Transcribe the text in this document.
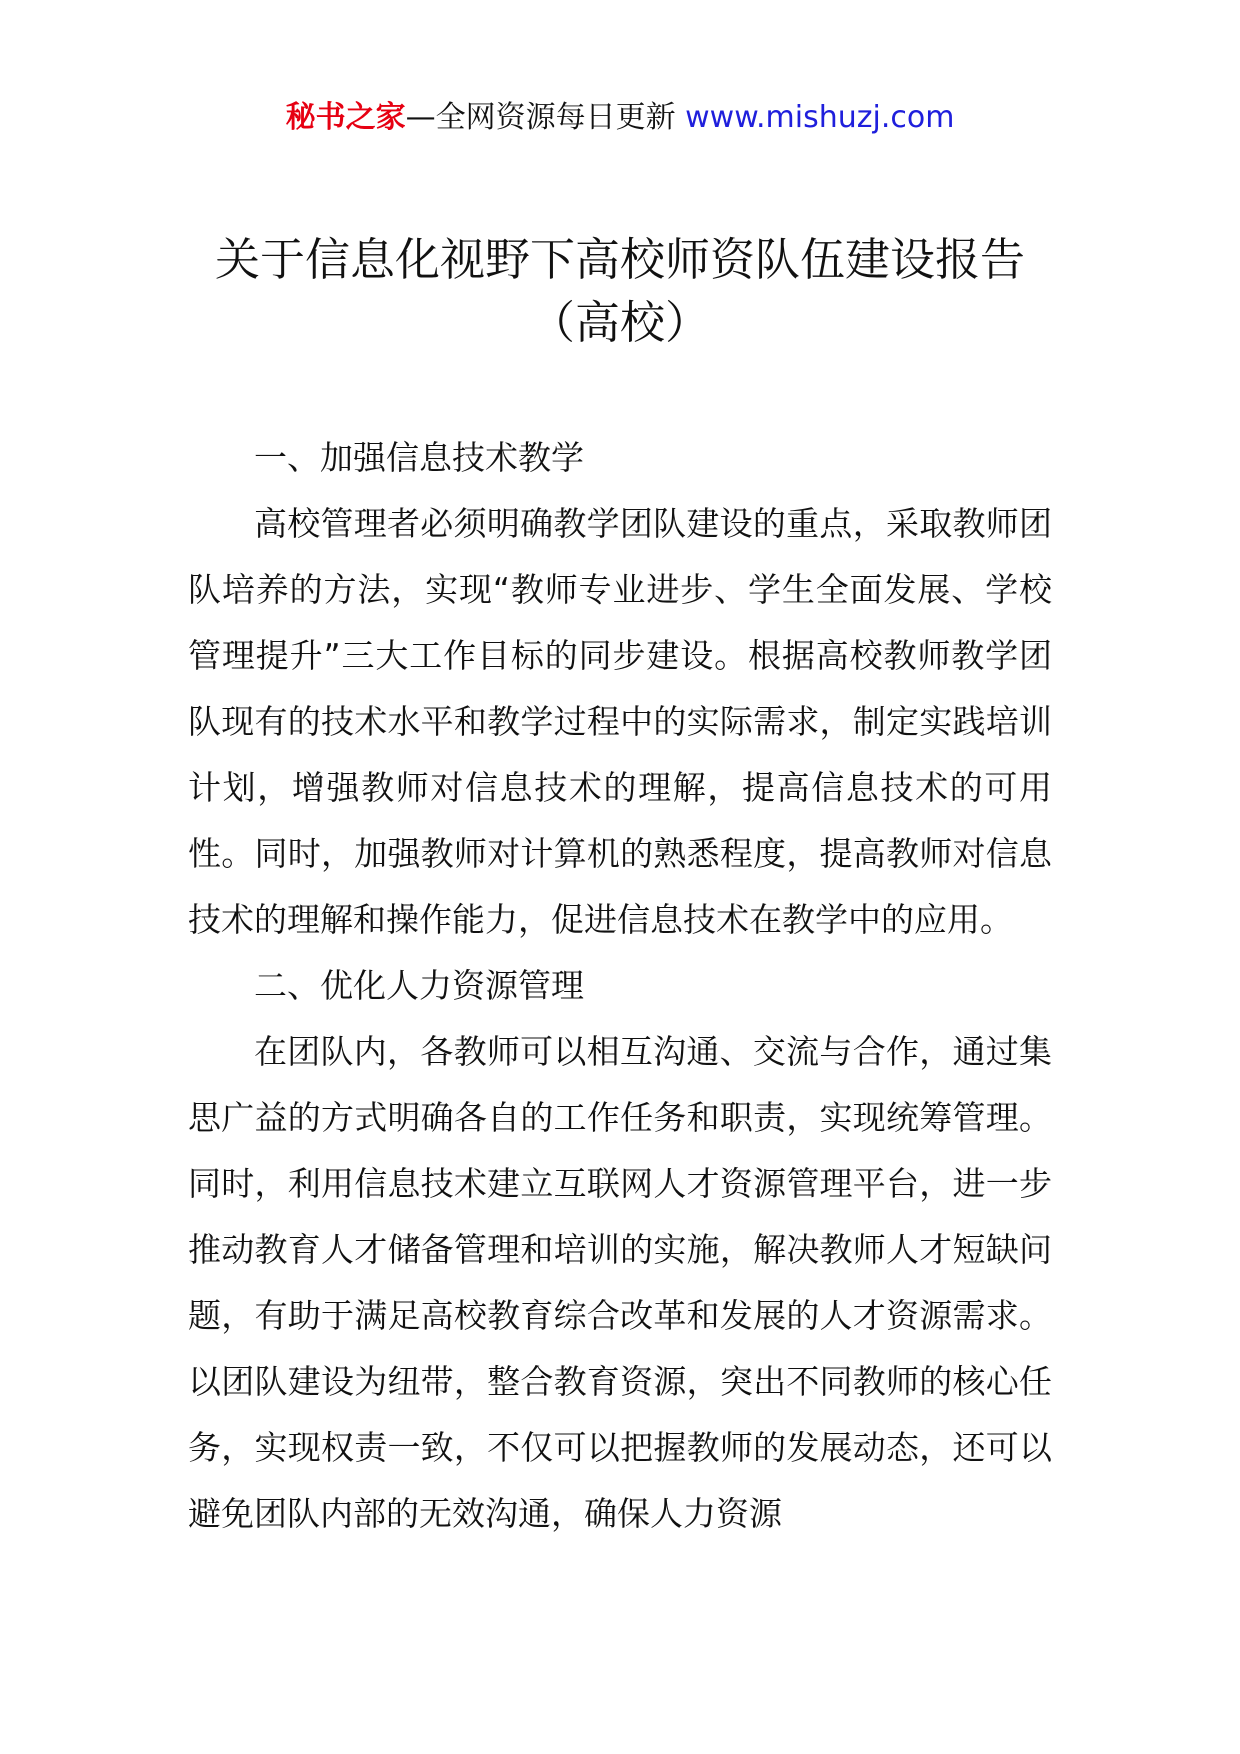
秘书之家—全网资源每日更新 www.mishuzj.com
关于信息化视野下高校师资队伍建设报告
（高校）

一、加强信息技术教学

高校管理者必须明确教学团队建设的重点，采取教师团队培养的方法，实现“教师专业进步、学生全面发展、学校管理提升”三大工作目标的同步建设。根据高校教师教学团队现有的技术水平和教学过程中的实际需求，制定实践培训计划，增强教师对信息技术的理解，提高信息技术的可用性。同时，加强教师对计算机的熟悉程度，提高教师对信息技术的理解和操作能力，促进信息技术在教学中的应用。

二、优化人力资源管理

在团队内，各教师可以相互沟通、交流与合作，通过集思广益的方式明确各自的工作任务和职责，实现统筹管理。同时，利用信息技术建立互联网人才资源管理平台，进一步推动教育人才储备管理和培训的实施，解决教师人才短缺问题，有助于满足高校教育综合改革和发展的人才资源需求。以团队建设为纽带，整合教育资源，突出不同教师的核心任务，实现权责一致，不仅可以把握教师的发展动态，还可以避免团队内部的无效沟通，确保人力资源
